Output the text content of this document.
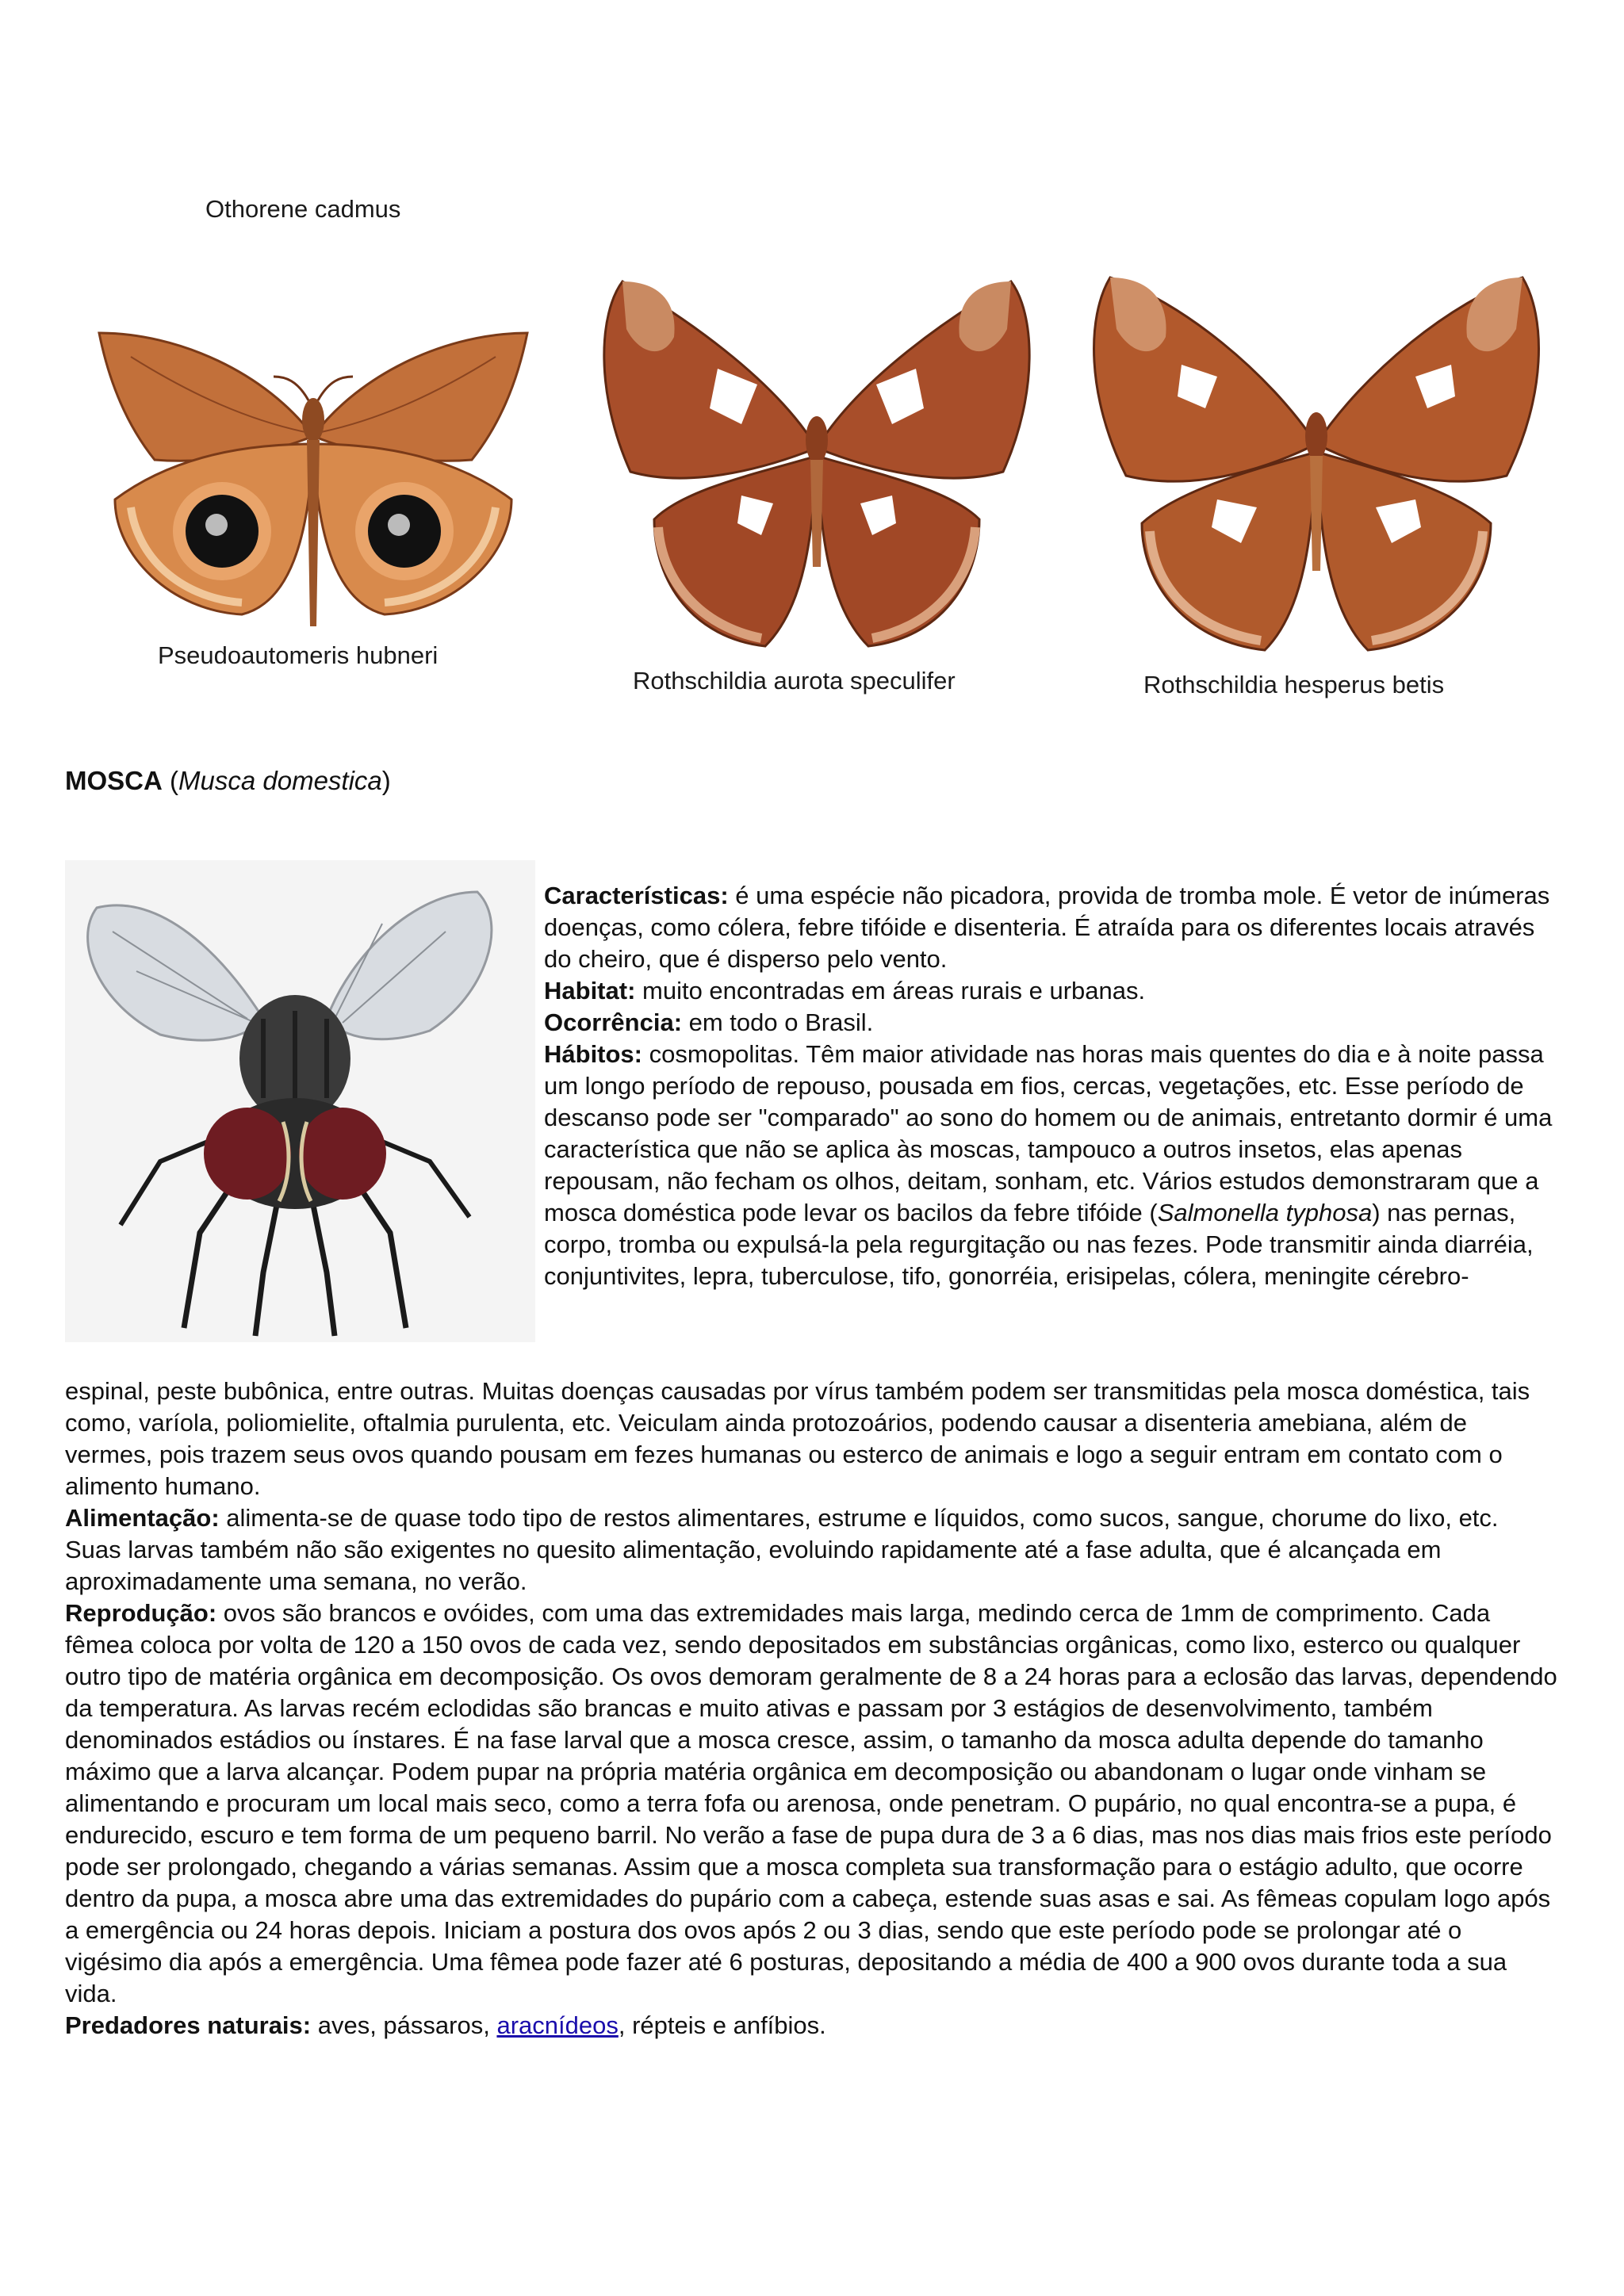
Othorene cadmus
Pseudoautomeris hubneri
Rothschildia aurota speculifer	Rothschildia hesperus betis
MOSCA (Musca domestica)
Características: é uma espécie não picadora, provida de tromba mole. É vetor de inúmeras doenças, como cólera, febre tifóide e disenteria. É atraída para os diferentes locais através do cheiro, que é disperso pelo vento.
Habitat: muito encontradas em áreas rurais e urbanas.
Ocorrência: em todo o Brasil.
Hábitos: cosmopolitas. Têm maior atividade nas horas mais quentes do dia e à noite passa um longo período de repouso, pousada em fios, cercas, vegetações, etc. Esse período de descanso pode ser "comparado" ao sono do homem ou de animais, entretanto dormir é uma característica que não se aplica às moscas, tampouco a outros insetos, elas apenas repousam, não fecham os olhos, deitam, sonham, etc. Vários estudos demonstraram que a mosca doméstica pode levar os bacilos da febre tifóide (Salmonella typhosa) nas pernas, corpo, tromba ou expulsá-la pela regurgitação ou nas fezes. Pode transmitir ainda diarréia, conjuntivites, lepra, tuberculose, tifo, gonorréia, erisipelas, cólera, meningite cérebro-
espinal, peste bubônica, entre outras. Muitas doenças causadas por vírus também podem ser transmitidas pela mosca doméstica, tais como, varíola, poliomielite, oftalmia purulenta, etc. Veiculam ainda protozoários, podendo causar a disenteria amebiana, além de vermes, pois trazem seus ovos quando pousam em fezes humanas ou esterco de animais e logo a seguir entram em contato com o alimento humano.
Alimentação: alimenta-se de quase todo tipo de restos alimentares, estrume e líquidos, como sucos, sangue, chorume do lixo, etc. Suas larvas também não são exigentes no quesito alimentação, evoluindo rapidamente até a fase adulta, que é alcançada em aproximadamente uma semana, no verão.
Reprodução: ovos são brancos e ovóides, com uma das extremidades mais larga, medindo cerca de 1mm de comprimento. Cada fêmea coloca por volta de 120 a 150 ovos de cada vez, sendo depositados em substâncias orgânicas, como lixo, esterco ou qualquer outro tipo de matéria orgânica em decomposição. Os ovos demoram geralmente de 8 a 24 horas para a eclosão das larvas, dependendo da temperatura. As larvas recém eclodidas são brancas e muito ativas e passam por 3 estágios de desenvolvimento, também denominados estádios ou ínstares. É na fase larval que a mosca cresce, assim, o tamanho da mosca adulta depende do tamanho máximo que a larva alcançar. Podem pupar na própria matéria orgânica em decomposição ou abandonam o lugar onde vinham se alimentando e procuram um local mais seco, como a terra fofa ou arenosa, onde penetram. O pupário, no qual encontra-se a pupa, é endurecido, escuro e tem forma de um pequeno barril. No verão a fase de pupa dura de 3 a 6 dias, mas nos dias mais frios este período pode ser prolongado, chegando a várias semanas. Assim que a mosca completa sua transformação para o estágio adulto, que ocorre dentro da pupa, a mosca abre uma das extremidades do pupário com a cabeça, estende suas asas e sai. As fêmeas copulam logo após a emergência ou 24 horas depois. Iniciam a postura dos ovos após 2 ou 3 dias, sendo que este período pode se prolongar até o vigésimo dia após a emergência. Uma fêmea pode fazer até 6 posturas, depositando a média de 400 a 900 ovos durante toda a sua vida.
Predadores naturais: aves, pássaros, aracnídeos, répteis e anfíbios.
